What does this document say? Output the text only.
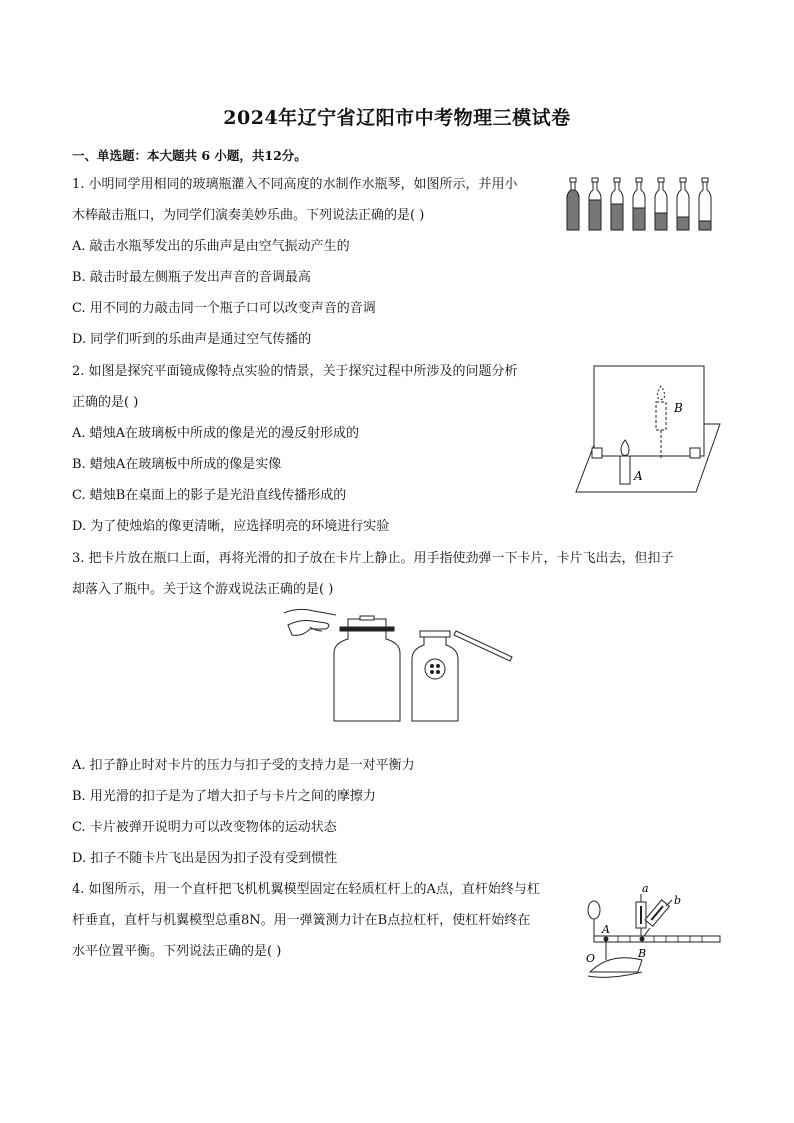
2024年辽宁省辽阳市中考物理三模试卷
一、单选题：本大题共 6 小题，共12分。
1. 小明同学用相同的玻璃瓶灌入不同高度的水制作水瓶琴，如图所示，并用小
木棒敲击瓶口，为同学们演奏美妙乐曲。下列说法正确的是( )
A. 敲击水瓶琴发出的乐曲声是由空气振动产生的
B. 敲击时最左侧瓶子发出声音的音调最高
C. 用不同的力敲击同一个瓶子口可以改变声音的音调
D. 同学们听到的乐曲声是通过空气传播的
2. 如图是探究平面镜成像特点实验的情景，关于探究过程中所涉及的问题分析
正确的是( )
A. 蜡烛A在玻璃板中所成的像是光的漫反射形成的
B. 蜡烛A在玻璃板中所成的像是实像
C. 蜡烛B在桌面上的影子是光沿直线传播形成的
D. 为了使烛焰的像更清晰，应选择明亮的环境进行实验
A
B
3. 把卡片放在瓶口上面，再将光滑的扣子放在卡片上静止。用手指使劲弹一下卡片，卡片飞出去，但扣子
却落入了瓶中。关于这个游戏说法正确的是( )
A. 扣子静止时对卡片的压力与扣子受的支持力是一对平衡力
B. 用光滑的扣子是为了增大扣子与卡片之间的摩擦力
C. 卡片被弹开说明力可以改变物体的运动状态
D. 扣子不随卡片飞出是因为扣子没有受到惯性
4. 如图所示，用一个直杆把飞机机翼模型固定在轻质杠杆上的A点，直杆始终与杠
杆垂直，直杆与机翼模型总重8N。用一弹簧测力计在B点拉杠杆，使杠杆始终在
水平位置平衡。下列说法正确的是( )	O
A
B
a
b
